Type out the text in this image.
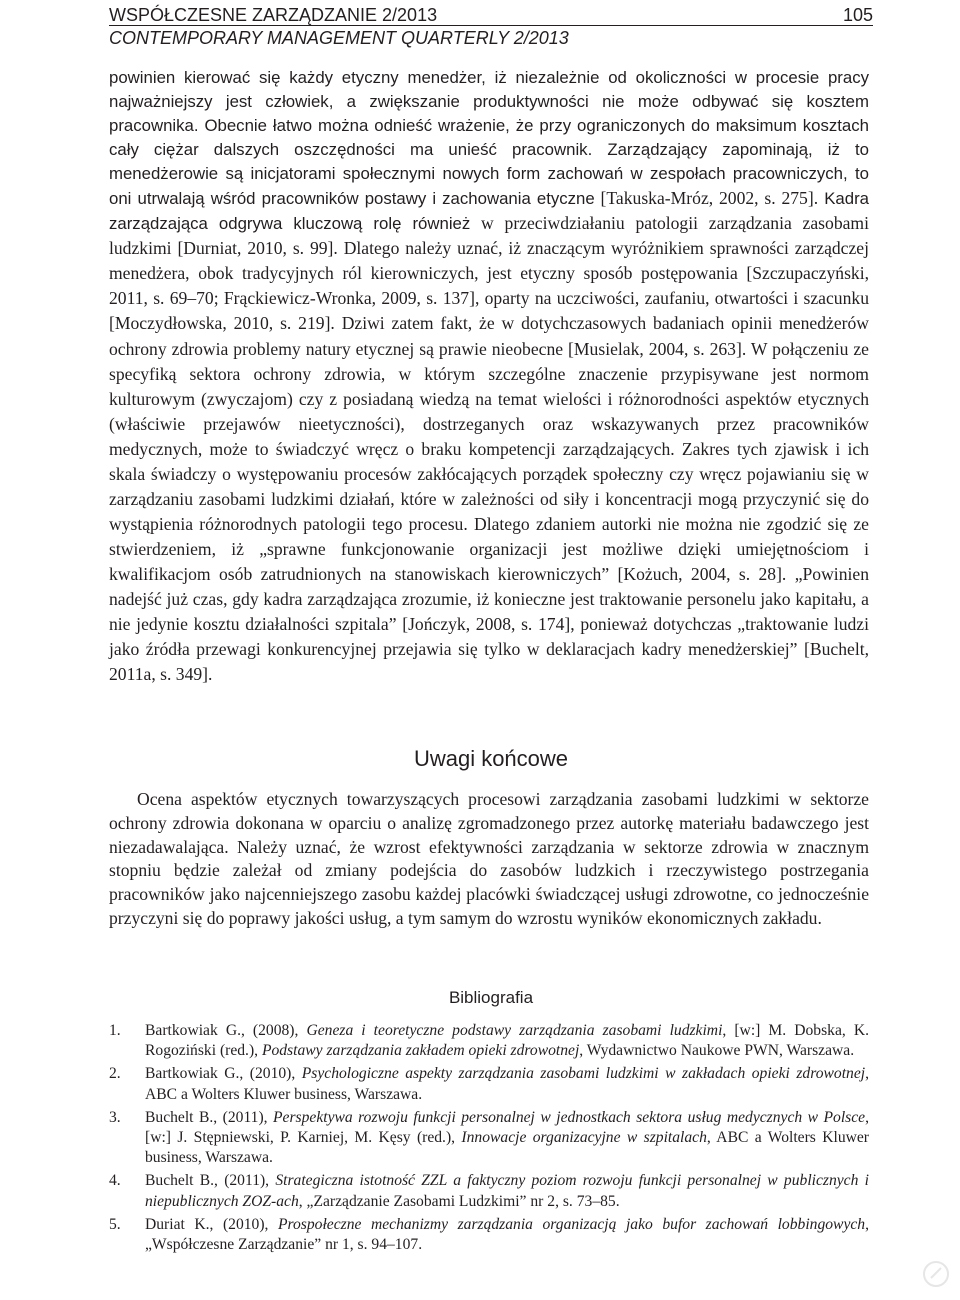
WSPÓŁCZESNE ZARZĄDZANIE 2/2013	105
CONTEMPORARY MANAGEMENT QUARTERLY 2/2013

powinien kierować się każdy etyczny menedżer, iż niezależnie od okoliczności w procesie pracy najważniejszy jest człowiek, a zwiększanie produktywności nie może odbywać się kosztem pracownika. Obecnie łatwo można odnieść wrażenie, że przy ograniczonych do maksimum kosztach cały ciężar dalszych oszczędności ma unieść pracownik. Zarządzający zapominają, iż to menedżerowie są inicjatorami społecznymi nowych form zachowań w zespołach pracowniczych, to oni utrwalają wśród pracowników postawy i zachowania etyczne [Takuska-Mróz, 2002, s. 275]. Kadra zarządzająca odgrywa kluczową rolę również w przeciwdziałaniu patologii zarządzania zasobami ludzkimi [Durniat, 2010, s. 99]. Dlatego należy uznać, iż znaczącym wyróżnikiem sprawności zarządczej menedżera, obok tradycyjnych ról kierowniczych, jest etyczny sposób postępowania [Szczupaczyński, 2011, s. 69–70; Frąckiewicz-Wronka, 2009, s. 137], oparty na uczciwości, zaufaniu, otwartości i szacunku [Moczydłowska, 2010, s. 219]. Dziwi zatem fakt, że w dotychczasowych badaniach opinii menedżerów ochrony zdrowia problemy natury etycznej są prawie nieobecne [Musielak, 2004, s. 263]. W połączeniu ze specyfiką sektora ochrony zdrowia, w którym szczególne znaczenie przypisywane jest normom kulturowym (zwyczajom) czy z posiadaną wiedzą na temat wielości i różnorodności aspektów etycznych (właściwie przejawów nieetyczności), dostrzeganych oraz wskazywanych przez pracowników medycznych, może to świadczyć wręcz o braku kompetencji zarządzających. Zakres tych zjawisk i ich skala świadczy o występowaniu procesów zakłócających porządek społeczny czy wręcz pojawianiu się w zarządzaniu zasobami ludzkimi działań, które w zależności od siły i koncentracji mogą przyczynić się do wystąpienia różnorodnych patologii tego procesu. Dlatego zdaniem autorki nie można nie zgodzić się ze stwierdzeniem, iż „sprawne funkcjonowanie organizacji jest możliwe dzięki umiejętnościom i kwalifikacjom osób zatrudnionych na stanowiskach kierowniczych” [Kożuch, 2004, s. 28]. „Powinien nadejść już czas, gdy kadra zarządzająca zrozumie, iż konieczne jest traktowanie personelu jako kapitału, a nie jedynie kosztu działalności szpitala” [Jończyk, 2008, s. 174], ponieważ dotychczas „traktowanie ludzi jako źródła przewagi konkurencyjnej przejawia się tylko w deklaracjach kadry menedżerskiej” [Buchelt, 2011a, s. 349].

Uwagi końcowe

Ocena aspektów etycznych towarzyszących procesowi zarządzania zasobami ludzkimi w sektorze ochrony zdrowia dokonana w oparciu o analizę zgromadzonego przez autorkę materiału badawczego jest niezadawalająca. Należy uznać, że wzrost efektywności zarządzania w sektorze zdrowia w znacznym stopniu będzie zależał od zmiany podejścia do zasobów ludzkich i rzeczywistego postrzegania pracowników jako najcenniejszego zasobu każdej placówki świadczącej usługi zdrowotne, co jednocześnie przyczyni się do poprawy jakości usług, a tym samym do wzrostu wyników ekonomicznych zakładu.

Bibliografia
1. Bartkowiak G., (2008), Geneza i teoretyczne podstawy zarządzania zasobami ludzkimi, [w:] M. Dobska, K. Rogoziński (red.), Podstawy zarządzania zakładem opieki zdrowotnej, Wydawnictwo Naukowe PWN, Warszawa.
2. Bartkowiak G., (2010), Psychologiczne aspekty zarządzania zasobami ludzkimi w zakładach opieki zdrowotnej, ABC a Wolters Kluwer business, Warszawa.
3. Buchelt B., (2011), Perspektywa rozwoju funkcji personalnej w jednostkach sektora usług medycznych w Polsce, [w:] J. Stępniewski, P. Karniej, M. Kęsy (red.), Innowacje organizacyjne w szpitalach, ABC a Wolters Kluwer business, Warszawa.
4. Buchelt B., (2011), Strategiczna istotność ZZL a faktyczny poziom rozwoju funkcji personalnej w publicznych i niepublicznych ZOZ-ach, „Zarządzanie Zasobami Ludzkimi” nr 2, s. 73–85.
5. Duriat K., (2010), Prospołeczne mechanizmy zarządzania organizacją jako bufor zachowań lobbingowych, „Współczesne Zarządzanie” nr 1, s. 94–107.
